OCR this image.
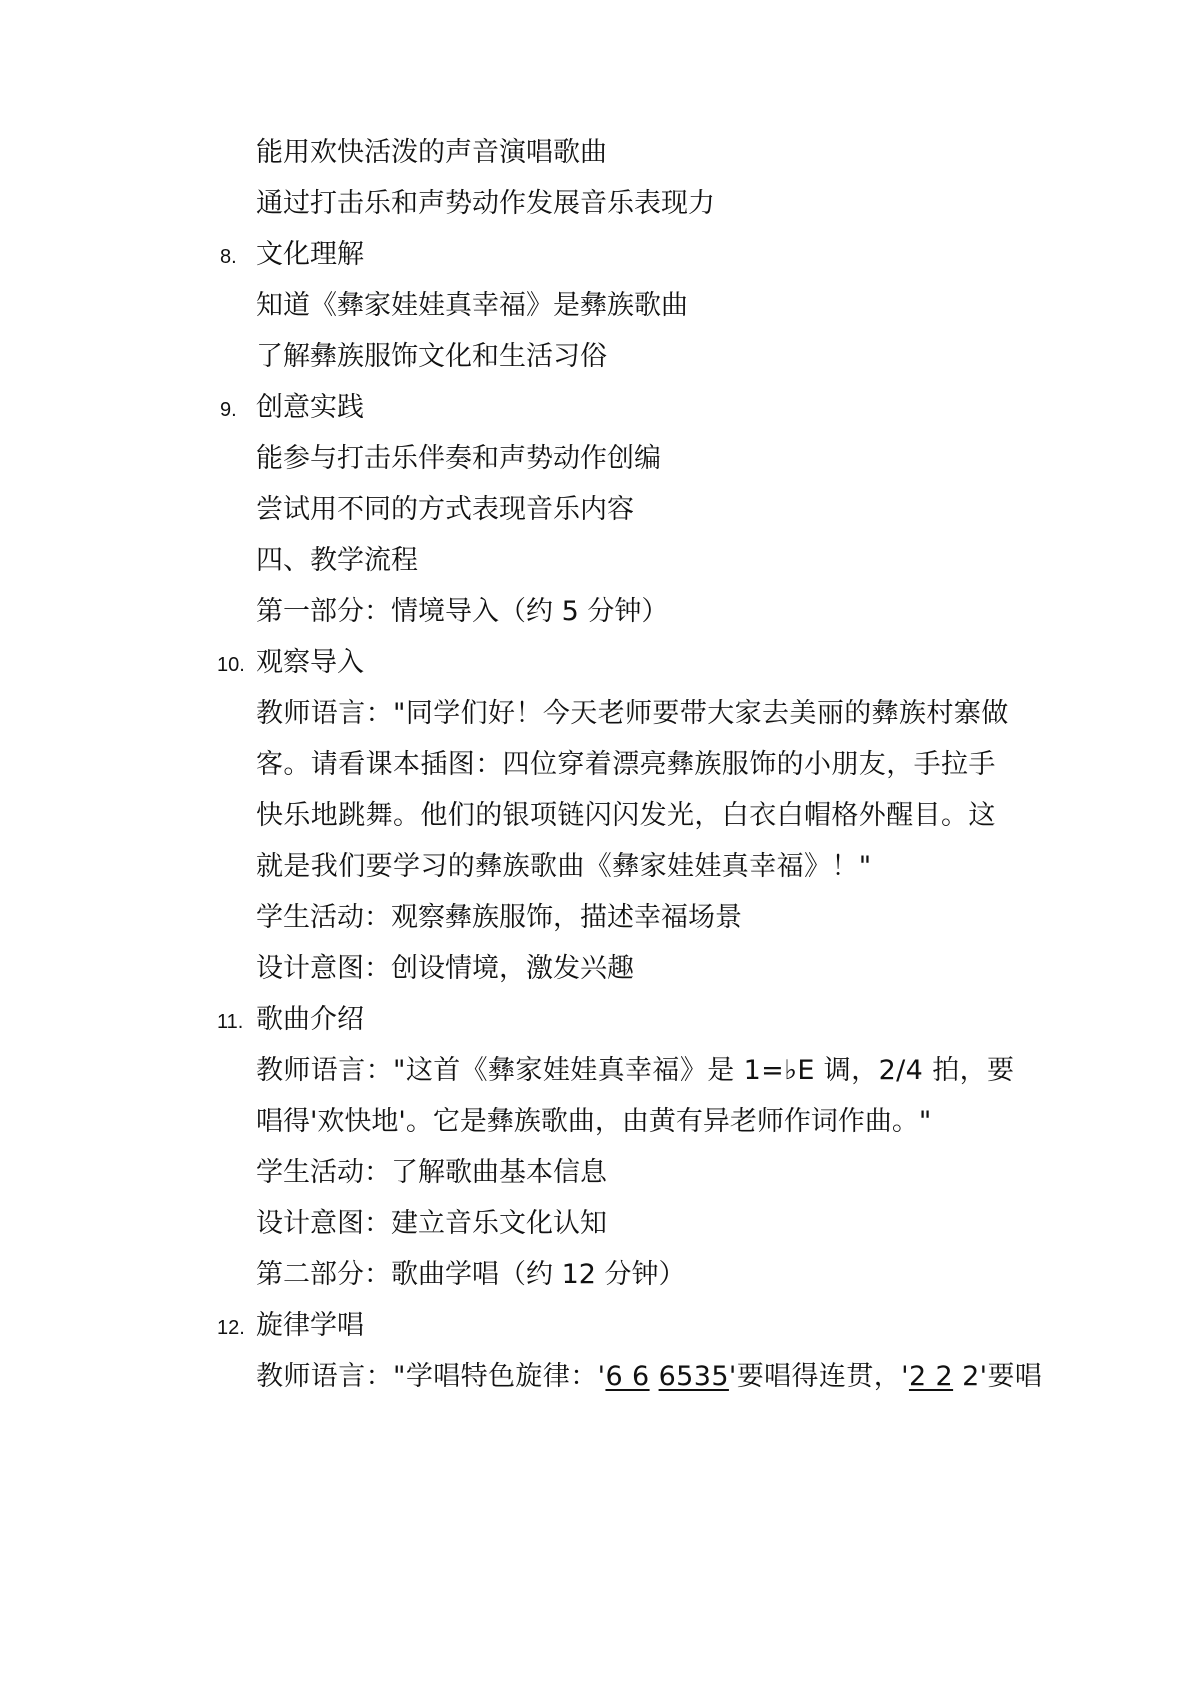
能用欢快活泼的声音演唱歌曲
通过打击乐和声势动作发展音乐表现力
8. 文化理解
知道《彝家娃娃真幸福》是彝族歌曲
了解彝族服饰文化和生活习俗
9. 创意实践
能参与打击乐伴奏和声势动作创编
尝试用不同的方式表现音乐内容
四、教学流程
第一部分：情境导入（约 5 分钟）
10. 观察导入
教师语言："同学们好！今天老师要带大家去美丽的彝族村寨做
客。请看课本插图：四位穿着漂亮彝族服饰的小朋友，手拉手
快乐地跳舞。他们的银项链闪闪发光，白衣白帽格外醒目。这
就是我们要学习的彝族歌曲《彝家娃娃真幸福》！"
学生活动：观察彝族服饰，描述幸福场景
设计意图：创设情境，激发兴趣
11. 歌曲介绍
教师语言："这首《彝家娃娃真幸福》是 1=♭E 调，2/4 拍，要
唱得'欢快地'。它是彝族歌曲，由黄有异老师作词作曲。"
学生活动：了解歌曲基本信息
设计意图：建立音乐文化认知
第二部分：歌曲学唱（约 12 分钟）
12. 旋律学唱
教师语言："学唱特色旋律：'6 6 6535'要唱得连贯，'2 2 2'要唱
